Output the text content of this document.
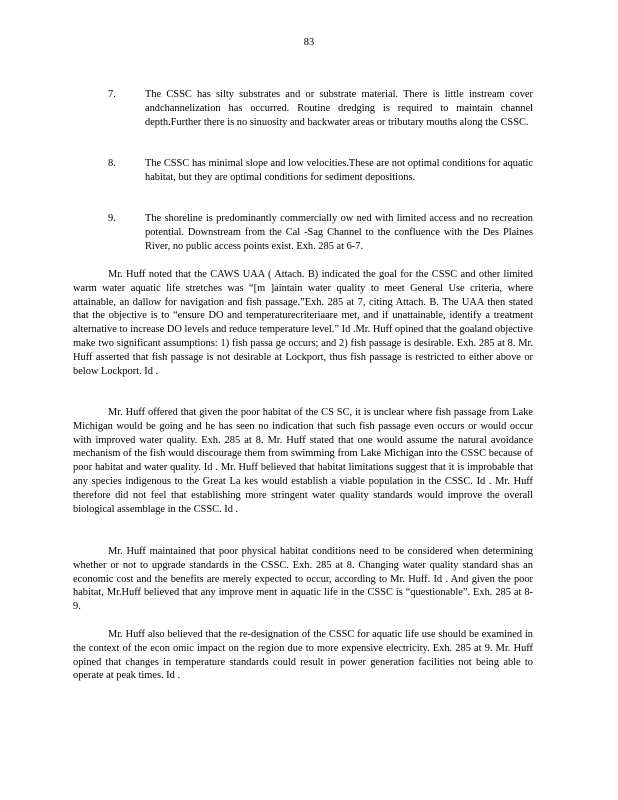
83
7.	The CSSC has silty substrates and or substrate material. There is little instream cover andchannelization has occurred. Routine dredging is required to maintain channel depth.Further there is no sinuosity and backwater areas or tributary mouths along the CSSC.
8.	The CSSC has minimal slope and low velocities.These are not optimal conditions for aquatic habitat, but they are optimal conditions for sediment depositions.
9.	The shoreline is predominantly commercially ow ned with limited access and no recreation potential. Downstream from the Cal -Sag Channel to the confluence with the Des Plaines River, no public access points exist. Exh. 285 at 6-7.
Mr. Huff noted that the CAWS UAA ( Attach. B) indicated the goal for the CSSC and other limited warm water aquatic life stretches was “[m ]aintain water quality to meet General Use criteria, where attainable, an dallow for navigation and fish passage.”Exh. 285 at 7, citing Attach. B. The UAA then stated that the objective is to “ensure DO and temperaturecriteriaare met, and if unattainable, identify a treatment alternative to increase DO levels and reduce temperature level.” Id .Mr. Huff opined that the goaland objective make two significant assumptions: 1) fish passa ge occurs; and 2) fish passage is desirable. Exh. 285 at 8. Mr. Huff asserted that fish passage is not desirable at Lockport, thus fish passage is restricted to either above or below Lockport. Id .
Mr. Huff offered that given the poor habitat of the CS SC, it is unclear where fish passage from Lake Michigan would be going and he has seen no indication that such fish passage even occurs or would occur with improved water quality. Exh. 285 at 8. Mr. Huff stated that one would assume the natural avoidance mechanism of the fish would discourage them from swimming from Lake Michigan into the CSSC because of poor habitat and water quality. Id . Mr. Huff believed that habitat limitations suggest that it is improbable that any species indigenous to the Great La kes would establish a viable population in the CSSC. Id . Mr. Huff therefore did not feel that establishing more stringent water quality standards would improve the overall biological assemblage in the CSSC. Id .
Mr. Huff maintained that poor physical habitat conditions need to be considered when determining whether or not to upgrade standards in the CSSC. Exh. 285 at 8. Changing water quality standard shas an economic cost and the benefits are merely expected to occur, according to Mr. Huff. Id . And given the poor habitat, Mr.Huff believed that any improve ment in aquatic life in the CSSC is “questionable”. Exh. 285 at 8-9.
Mr. Huff also believed that the re-designation of the CSSC for aquatic life use should be examined in the context of the econ omic impact on the region due to more expensive electricity. Exh. 285 at 9. Mr. Huff opined that changes in temperature standards could result in power generation facilities not being able to operate at peak times. Id .
